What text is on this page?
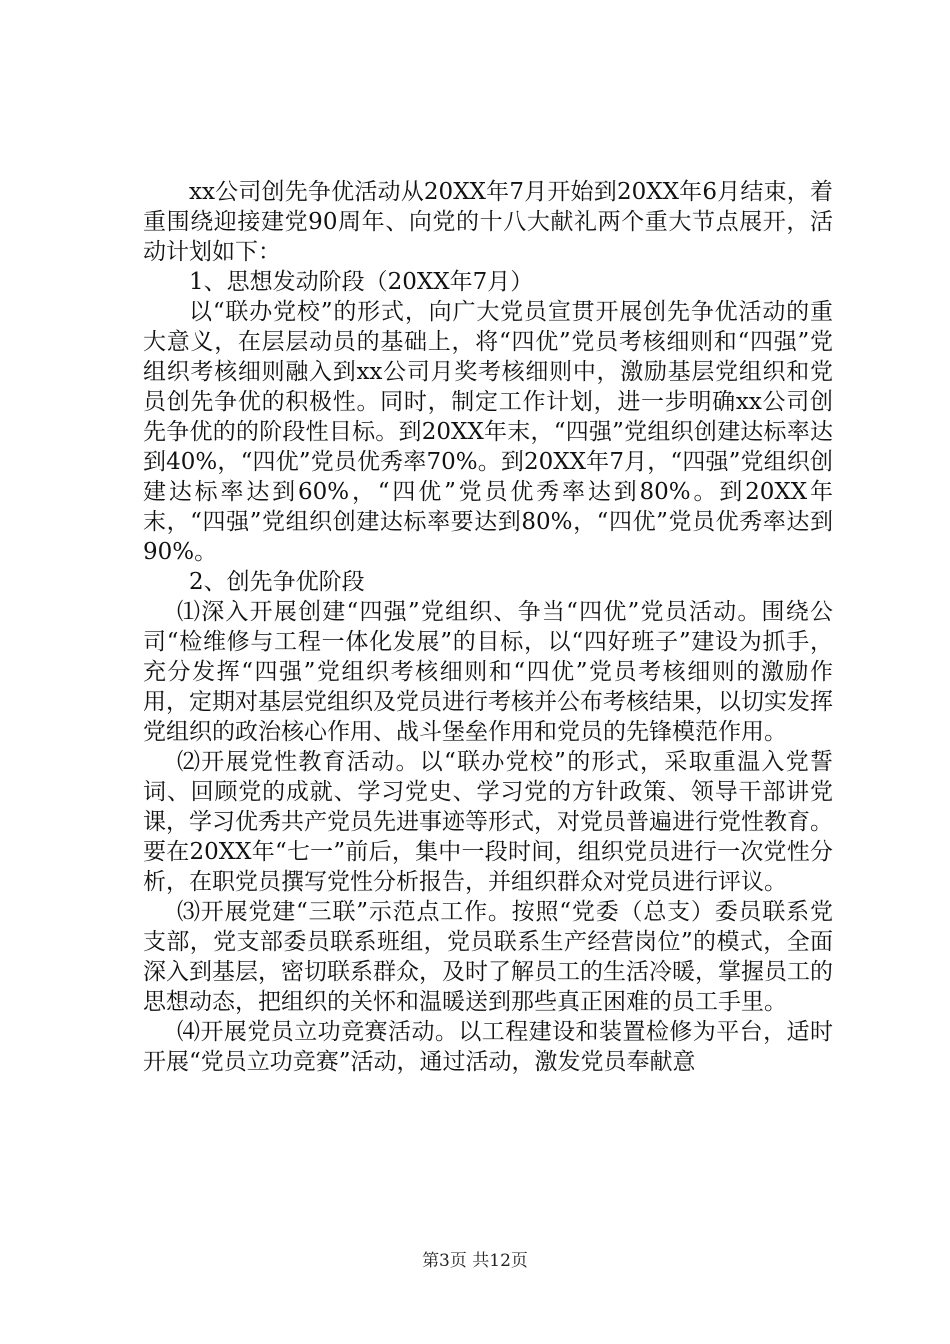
xx公司创先争优活动从20XX年7月开始到20XX年6月结束，着重围绕迎接建党90周年、向党的十八大献礼两个重大节点展开，活动计划如下：

1、思想发动阶段（20XX年7月）

以“联办党校”的形式，向广大党员宣贯开展创先争优活动的重大意义，在层层动员的基础上，将“四优”党员考核细则和“四强”党组织考核细则融入到xx公司月奖考核细则中，激励基层党组织和党员创先争优的积极性。同时，制定工作计划，进一步明确xx公司创先争优的的阶段性目标。到20XX年末，“四强”党组织创建达标率达到40%，“四优”党员优秀率70%。到20XX年7月，“四强”党组织创建达标率达到60%，“四优”党员优秀率达到80%。到20XX年末，“四强”党组织创建达标率要达到80%，“四优”党员优秀率达到90%。

2、创先争优阶段

⑴深入开展创建“四强”党组织、争当“四优”党员活动。围绕公司“检维修与工程一体化发展”的目标，以“四好班子”建设为抓手，充分发挥“四强”党组织考核细则和“四优”党员考核细则的激励作用，定期对基层党组织及党员进行考核并公布考核结果，以切实发挥党组织的政治核心作用、战斗堡垒作用和党员的先锋模范作用。

⑵开展党性教育活动。以“联办党校”的形式，采取重温入党誓词、回顾党的成就、学习党史、学习党的方针政策、领导干部讲党课，学习优秀共产党员先进事迹等形式，对党员普遍进行党性教育。要在20XX年“七一”前后，集中一段时间，组织党员进行一次党性分析，在职党员撰写党性分析报告，并组织群众对党员进行评议。

⑶开展党建“三联”示范点工作。按照“党委（总支）委员联系党支部，党支部委员联系班组，党员联系生产经营岗位”的模式，全面深入到基层，密切联系群众，及时了解员工的生活冷暖，掌握员工的思想动态，把组织的关怀和温暖送到那些真正困难的员工手里。

⑷开展党员立功竞赛活动。以工程建设和装置检修为平台，适时开展“党员立功竞赛”活动，通过活动，激发党员奉献意

第3页 共12页
